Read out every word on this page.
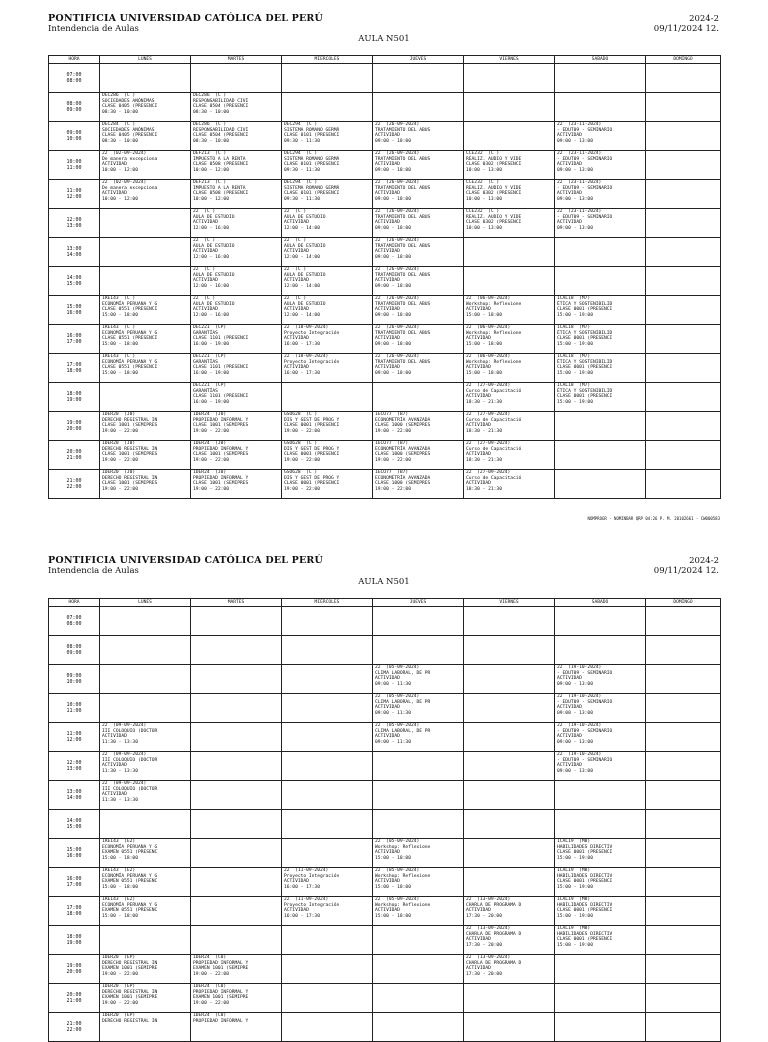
PONTIFICIA UNIVERSIDAD CATÓLICA DEL PERÚ
Intendencia de Aulas
2024-2
09/11/2024 12.
AULA N501
HORA	LUNES	MARTES	MIERCOLES	JUEVES	VIERNES	SABADO	DOMINGO

07:00
08:00							

08:00
09:00	DEC286  (C )
SOCIEDADES ANÓNIMAS
CLASE 0405 (PRESENCI
08:30 - 10:00	DEC286  (C )
RESPONSABILIDAD CIVI
CLASE 0504 (PRESENCI
08:30 - 10:00					

09:00
10:00	DEC284  (C )
SOCIEDADES ANÓNIMAS
CLASE 0405 (PRESENCI
08:30 - 10:00	DEC286  (C )
RESPONSABILIDAD CIVI
CLASE 0504 (PRESENCI
08:30 - 10:00	DEC294  (C )
SISTEMA ROMANO GERMÁ
CLASE 0101 (PRESENCI
09:30 - 11:30	22  (26-09-2024)
TRATAMIENTO DEL ABUS
ACTIVIDAD
09:00 - 18:00		22  (23-11-2024)
- EDUT09 - SEMINARIO
ACTIVIDAD
09:00 - 13:00	

10:00
11:00	22  (02-09-2024)
De manera excepciona
ACTIVIDAD
10:00 - 12:00	DEF213  (C )
IMPUESTO A LA RENTA
CLASE 0508 (PRESENCI
10:00 - 12:00	DEC294  (C )
SISTEMA ROMANO GERMÁ
CLASE 0101 (PRESENCI
09:30 - 11:30	22  (26-09-2024)
TRATAMIENTO DEL ABUS
ACTIVIDAD
09:00 - 18:00	CCE232  (C )
REALIZ. AUDIO Y VIDE
CLASE 0302 (PRESENCI
10:00 - 13:00	22  (23-11-2024)
- EDUT09 - SEMINARIO
ACTIVIDAD
09:00 - 13:00	

11:00
12:00	22  (02-09-2024)
De manera excepciona
ACTIVIDAD
10:00 - 12:00	DEF213  (C )
IMPUESTO A LA RENTA
CLASE 0508 (PRESENCI
10:00 - 12:00	DEC294  (C )
SISTEMA ROMANO GERMÁ
CLASE 0101 (PRESENCI
09:30 - 11:30	22  (26-09-2024)
TRATAMIENTO DEL ABUS
ACTIVIDAD
09:00 - 18:00	CCE232  (C )
REALIZ. AUDIO Y VIDE
CLASE 0302 (PRESENCI
10:00 - 13:00	22  (23-11-2024)
- EDUT09 - SEMINARIO
ACTIVIDAD
09:00 - 13:00	

12:00
13:00		22  (C )
AULA DE ESTUDIO
ACTIVIDAD
12:00 - 16:00	22  (C )
AULA DE ESTUDIO
ACTIVIDAD
12:00 - 14:00	22  (26-09-2024)
TRATAMIENTO DEL ABUS
ACTIVIDAD
09:00 - 18:00	CCE232  (C )
REALIZ. AUDIO Y VIDE
CLASE 0302 (PRESENCI
10:00 - 13:00	22  (23-11-2024)
- EDUT09 - SEMINARIO
ACTIVIDAD
09:00 - 13:00	

13:00
14:00		22  (C )
AULA DE ESTUDIO
ACTIVIDAD
12:00 - 16:00	22  (C )
AULA DE ESTUDIO
ACTIVIDAD
12:00 - 14:00	22  (26-09-2024)
TRATAMIENTO DEL ABUS
ACTIVIDAD
09:00 - 18:00			

14:00
15:00		22  (C )
AULA DE ESTUDIO
ACTIVIDAD
12:00 - 16:00	22  (C )
AULA DE ESTUDIO
ACTIVIDAD
12:00 - 14:00	22  (26-09-2024)
TRATAMIENTO DEL ABUS
ACTIVIDAD
09:00 - 18:00			

15:00
16:00	1RE143  (C )
ECONOMÍA PERUANA Y G
CLASE 0551 (PRESENCI
15:00 - 18:00	22  (C )
AULA DE ESTUDIO
ACTIVIDAD
12:00 - 16:00	22  (C )
AULA DE ESTUDIO
ACTIVIDAD
12:00 - 14:00	22  (26-09-2024)
TRATAMIENTO DEL ABUS
ACTIVIDAD
09:00 - 18:00	22  (06-09-2024)
Workshop: Reflexione
ACTIVIDAD
15:00 - 18:00	1CAL18  (M7)
ÉTICA Y SOSTENIBILID
CLASE 0001 (PRESENCI
15:00 - 19:00	

16:00
17:00	1RE143  (C )
ECONOMÍA PERUANA Y G
CLASE 0551 (PRESENCI
15:00 - 18:00	DEC221  (CP)
GARANTÍAS
CLASE 1101 (PRESENCI
16:00 - 19:00	22  (18-09-2024)
Proyecto Integración
ACTIVIDAD
16:00 - 17:30	22  (26-09-2024)
TRATAMIENTO DEL ABUS
ACTIVIDAD
09:00 - 18:00	22  (06-09-2024)
Workshop: Reflexione
ACTIVIDAD
15:00 - 18:00	1CAL18  (M7)
ÉTICA Y SOSTENIBILID
CLASE 0001 (PRESENCI
15:00 - 19:00	

17:00
18:00	1RE143  (C )
ECONOMÍA PERUANA Y G
CLASE 0551 (PRESENCI
15:00 - 18:00	DEC221  (CP)
GARANTÍAS
CLASE 1101 (PRESENCI
16:00 - 19:00	22  (18-09-2024)
Proyecto Integración
ACTIVIDAD
16:00 - 17:30	22  (26-09-2024)
TRATAMIENTO DEL ABUS
ACTIVIDAD
09:00 - 18:00	22  (06-09-2024)
Workshop: Reflexione
ACTIVIDAD
15:00 - 18:00	1CAL18  (M7)
ÉTICA Y SOSTENIBILID
CLASE 0001 (PRESENCI
15:00 - 19:00	

18:00
19:00		DEC221  (CP)
GARANTÍAS
CLASE 1101 (PRESENCI
16:00 - 19:00			22  (27-09-2024)
Curso de Capacitació
ACTIVIDAD
18:30 - 21:30	1CAL18  (M7)
ÉTICA Y SOSTENIBILID
CLASE 0001 (PRESENCI
15:00 - 19:00	

19:00
20:00	1DER20  (J0)
DERECHO REGISTRAL IN
CLASE 1001 (SEMIPRES
19:00 - 22:00	1DER24  (J0)
PROPIEDAD INFORMAL Y
CLASE 1001 (SEMIPRES
19:00 - 22:00	GSO628  (C )
DIS Y GEST DE PROG Y
CLASE 0001 (PRESENCI
19:00 - 22:00	1ECO77  (B7)
ECONOMETRÍA AVANZADA
CLASE 1000 (SEMIPRES
19:00 - 22:00	22  (27-09-2024)
Curso de Capacitació
ACTIVIDAD
18:30 - 21:30		

20:00
21:00	1DER20  (J0)
DERECHO REGISTRAL IN
CLASE 1001 (SEMIPRES
19:00 - 22:00	1DER24  (J0)
PROPIEDAD INFORMAL Y
CLASE 1001 (SEMIPRES
19:00 - 22:00	GSO628  (C )
DIS Y GEST DE PROG Y
CLASE 0001 (PRESENCI
19:00 - 22:00	1ECO77  (B7)
ECONOMETRÍA AVANZADA
CLASE 1000 (SEMIPRES
19:00 - 22:00	22  (27-09-2024)
Curso de Capacitació
ACTIVIDAD
18:30 - 21:30		

21:00
22:00	1DER20  (J0)
DERECHO REGISTRAL IN
CLASE 1001 (SEMIPRES
19:00 - 22:00	1DER24  (J0)
PROPIEDAD INFORMAL Y
CLASE 1001 (SEMIPRES
19:00 - 22:00	GSO628  (C )
DIS Y GEST DE PROG Y
CLASE 0001 (PRESENCI
19:00 - 22:00	1ECO77  (B7)
ECONOMETRÍA AVANZADA
CLASE 1000 (SEMIPRES
19:00 - 22:00	22  (27-09-2024)
Curso de Capacitació
ACTIVIDAD
18:30 - 21:30		

NOMPROGR - NOMINBAR QRP 04:26 P. M. 20102661 - CW000583
PONTIFICIA UNIVERSIDAD CATÓLICA DEL PERÚ
Intendencia de Aulas
2024-2
09/11/2024 12.
AULA N501
HORA	LUNES	MARTES	MIERCOLES	JUEVES	VIERNES	SABADO	DOMINGO

07:00
08:00							

08:00
09:00							

09:00
10:00				22  (05-09-2024)
CLIMA LABORAL, DE PR
ACTIVIDAD
09:00 - 11:30		22  (19-10-2024)
- EDUT09 - SEMINARIO
ACTIVIDAD
09:00 - 13:00	

10:00
11:00				22  (05-09-2024)
CLIMA LABORAL, DE PR
ACTIVIDAD
09:00 - 11:30		22  (19-10-2024)
- EDUT09 - SEMINARIO
ACTIVIDAD
09:00 - 13:00	

11:00
12:00	22  (09-09-2024)
III COLOQUIO (DOCTOR
ACTIVIDAD
11:30 - 13:30			22  (05-09-2024)
CLIMA LABORAL, DE PR
ACTIVIDAD
09:00 - 11:30		22  (19-10-2024)
- EDUT09 - SEMINARIO
ACTIVIDAD
09:00 - 13:00	

12:00
13:00	22  (09-09-2024)
III COLOQUIO (DOCTOR
ACTIVIDAD
11:30 - 13:30					22  (19-10-2024)
- EDUT09 - SEMINARIO
ACTIVIDAD
09:00 - 13:00	

13:00
14:00	22  (09-09-2024)
III COLOQUIO (DOCTOR
ACTIVIDAD
11:30 - 13:30						

14:00
15:00							

15:00
16:00	1RE143  (E2)
ECONOMÍA PERUANA Y G
EXAMEN 0551 (PRESENC
15:00 - 18:00			22  (05-09-2024)
Workshop: Reflexione
ACTIVIDAD
15:00 - 18:00		1CAL19  (M8)
HABILIDADES DIRECTIV
CLASE 0001 (PRESENCI
15:00 - 19:00	

16:00
17:00	1RE143  (E2)
ECONOMÍA PERUANA Y G
EXAMEN 0551 (PRESENC
15:00 - 18:00		22  (11-09-2024)
Proyecto Integración
ACTIVIDAD
16:00 - 17:30	22  (05-09-2024)
Workshop: Reflexione
ACTIVIDAD
15:00 - 18:00		1CAL19  (M8)
HABILIDADES DIRECTIV
CLASE 0001 (PRESENCI
15:00 - 19:00	

17:00
18:00	1RE143  (E2)
ECONOMÍA PERUANA Y G
EXAMEN 0551 (PRESENC
15:00 - 18:00		22  (11-09-2024)
Proyecto Integración
ACTIVIDAD
16:00 - 17:30	22  (05-09-2024)
Workshop: Reflexione
ACTIVIDAD
15:00 - 18:00	22  (13-09-2024)
CHARLA DE PROGRAMA D
ACTIVIDAD
17:30 - 20:00	1CAL19  (M8)
HABILIDADES DIRECTIV
CLASE 0001 (PRESENCI
15:00 - 19:00	

18:00
19:00					22  (13-09-2024)
CHARLA DE PROGRAMA D
ACTIVIDAD
17:30 - 20:00	1CAL19  (M8)
HABILIDADES DIRECTIV
CLASE 0001 (PRESENCI
15:00 - 19:00	

19:00
20:00	1DER20  (EP)
DERECHO REGISTRAL IN
EXAMEN 1001 (SEMIPRE
19:00 - 22:00	1DER24  (C0)
PROPIEDAD INFORMAL Y
EXAMEN 1001 (SEMIPRE
19:00 - 22:00			22  (13-09-2024)
CHARLA DE PROGRAMA D
ACTIVIDAD
17:30 - 20:00		

20:00
21:00	1DER20  (EP)
DERECHO REGISTRAL IN
EXAMEN 1001 (SEMIPRE
19:00 - 22:00	1DER24  (C0)
PROPIEDAD INFORMAL Y
EXAMEN 1001 (SEMIPRE
19:00 - 22:00					

21:00
22:00	1DER20  (EP)
DERECHO REGISTRAL IN	1DER24  (C0)
PROPIEDAD INFORMAL Y					
